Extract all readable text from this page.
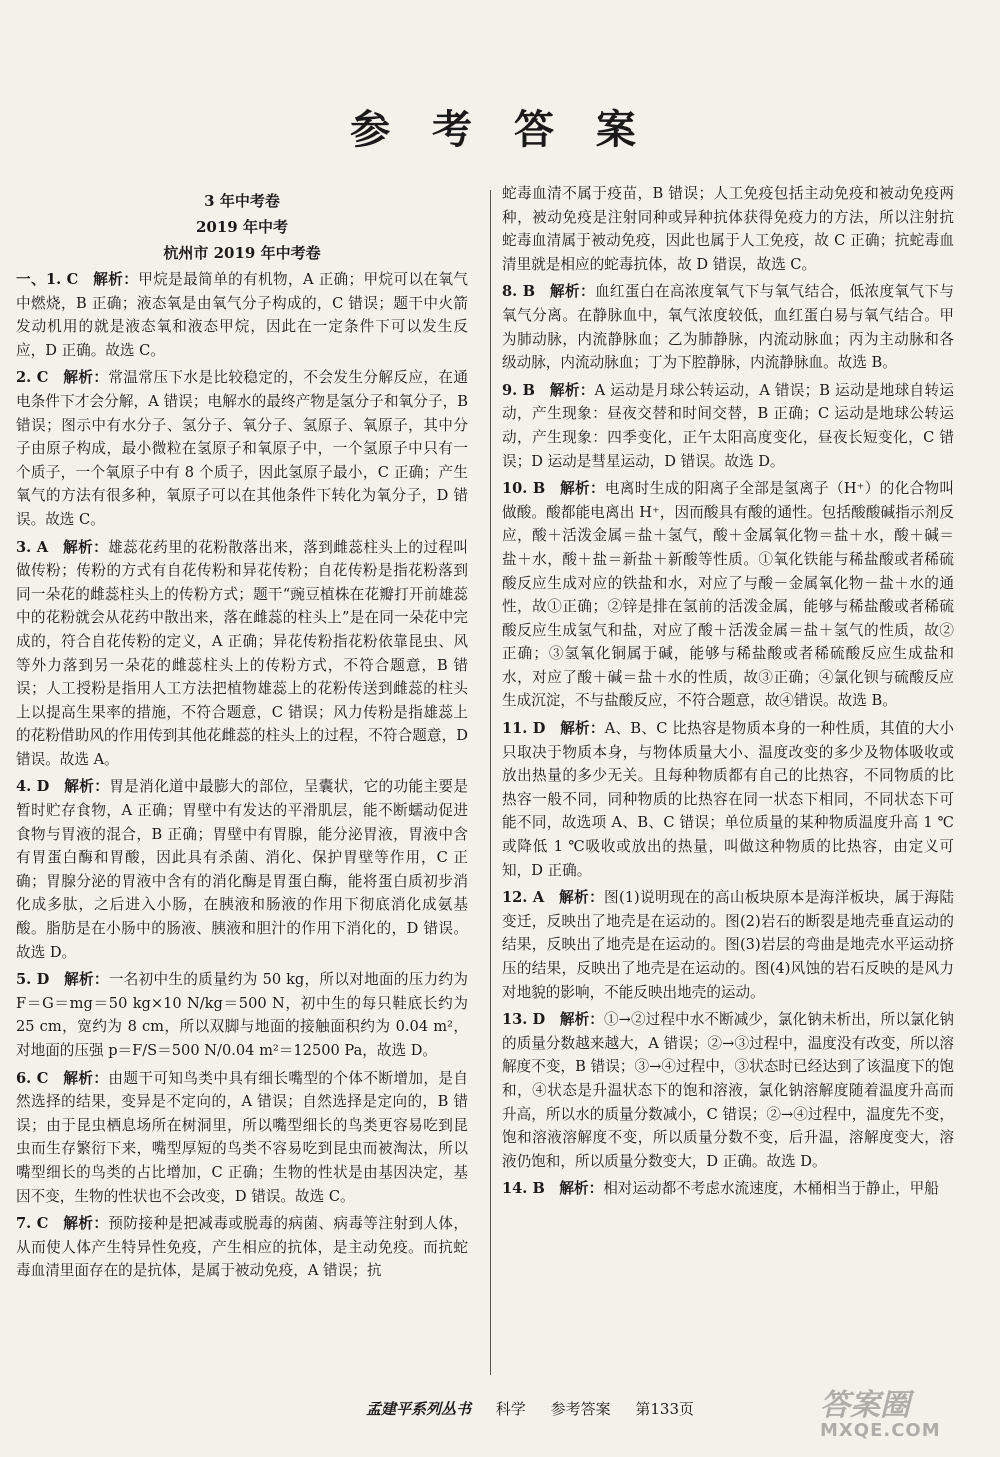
参 考 答 案
3 年中考卷
2019 年中考
杭州市 2019 年中考卷

一、1. C  解析：甲烷是最简单的有机物，A 正确；甲烷可以在氧气中燃烧，B 正确；液态氧是由氧气分子构成的，C 错误；题干中火箭发动机用的就是液态氧和液态甲烷，因此在一定条件下可以发生反应，D 正确。故选 C。

2. C  解析：常温常压下水是比较稳定的，不会发生分解反应，在通电条件下才会分解，A 错误；电解水的最终产物是氢分子和氧分子，B 错误；图示中有水分子、氢分子、氧分子、氢原子、氧原子，其中分子由原子构成，最小微粒在氢原子和氧原子中，一个氢原子中只有一个质子，一个氧原子中有 8 个质子，因此氢原子最小，C 正确；产生氧气的方法有很多种，氧原子可以在其他条件下转化为氧分子，D 错误。故选 C。

3. A  解析：雄蕊花药里的花粉散落出来，落到雌蕊柱头上的过程叫做传粉；传粉的方式有自花传粉和异花传粉；自花传粉是指花粉落到同一朵花的雌蕊柱头上的传粉方式；题干“豌豆植株在花瓣打开前雄蕊中的花粉就会从花药中散出来，落在雌蕊的柱头上”是在同一朵花中完成的，符合自花传粉的定义，A 正确；异花传粉指花粉依靠昆虫、风等外力落到另一朵花的雌蕊柱头上的传粉方式，不符合题意，B 错误；人工授粉是指用人工方法把植物雄蕊上的花粉传送到雌蕊的柱头上以提高生果率的措施，不符合题意，C 错误；风力传粉是指雄蕊上的花粉借助风的作用传到其他花雌蕊的柱头上的过程，不符合题意，D 错误。故选 A。

4. D  解析：胃是消化道中最膨大的部位，呈囊状，它的功能主要是暂时贮存食物，A 正确；胃壁中有发达的平滑肌层，能不断蠕动促进食物与胃液的混合，B 正确；胃壁中有胃腺，能分泌胃液，胃液中含有胃蛋白酶和胃酸，因此具有杀菌、消化、保护胃壁等作用，C 正确；胃腺分泌的胃液中含有的消化酶是胃蛋白酶，能将蛋白质初步消化成多肽，之后进入小肠，在胰液和肠液的作用下彻底消化成氨基酸。脂肪是在小肠中的肠液、胰液和胆汁的作用下消化的，D 错误。故选 D。

5. D  解析：一名初中生的质量约为 50 kg，所以对地面的压力约为 F＝G＝mg＝50 kg×10 N/kg＝500 N，初中生的每只鞋底长约为 25 cm，宽约为 8 cm，所以双脚与地面的接触面积约为 0.04 m²，对地面的压强 p＝F/S＝500 N/0.04 m²＝12500 Pa，故选 D。

6. C  解析：由题干可知鸟类中具有细长嘴型的个体不断增加，是自然选择的结果，变异是不定向的，A 错误；自然选择是定向的，B 错误；由于昆虫栖息场所在树洞里，所以嘴型细长的鸟类更容易吃到昆虫而生存繁衍下来，嘴型厚短的鸟类不容易吃到昆虫而被淘汰，所以嘴型细长的鸟类的占比增加，C 正确；生物的性状是由基因决定，基因不变，生物的性状也不会改变，D 错误。故选 C。

7. C  解析：预防接种是把减毒或脱毒的病菌、病毒等注射到人体，从而使人体产生特异性免疫，产生相应的抗体，是主动免疫。而抗蛇毒血清里面存在的是抗体，是属于被动免疫，A 错误；抗

蛇毒血清不属于疫苗，B 错误；人工免疫包括主动免疫和被动免疫两种，被动免疫是注射同种或异种抗体获得免疫力的方法，所以注射抗蛇毒血清属于被动免疫，因此也属于人工免疫，故 C 正确；抗蛇毒血清里就是相应的蛇毒抗体，故 D 错误，故选 C。

8. B  解析：血红蛋白在高浓度氧气下与氧气结合，低浓度氧气下与氧气分离。在静脉血中，氧气浓度较低，血红蛋白易与氧气结合。甲为肺动脉，内流静脉血；乙为肺静脉，内流动脉血；丙为主动脉和各级动脉，内流动脉血；丁为下腔静脉，内流静脉血。故选 B。

9. B  解析：A 运动是月球公转运动，A 错误；B 运动是地球自转运动，产生现象：昼夜交替和时间交替，B 正确；C 运动是地球公转运动，产生现象：四季变化，正午太阳高度变化，昼夜长短变化，C 错误；D 运动是彗星运动，D 错误。故选 D。

10. B  解析：电离时生成的阳离子全部是氢离子（H⁺）的化合物叫做酸。酸都能电离出 H⁺，因而酸具有酸的通性。包括酸酸碱指示剂反应，酸＋活泼金属＝盐＋氢气，酸＋金属氧化物＝盐＋水，酸＋碱＝盐＋水，酸＋盐＝新盐＋新酸等性质。①氧化铁能与稀盐酸或者稀硫酸反应生成对应的铁盐和水，对应了与酸－金属氧化物－盐＋水的通性，故①正确；②锌是排在氢前的活泼金属，能够与稀盐酸或者稀硫酸反应生成氢气和盐，对应了酸＋活泼金属＝盐＋氢气的性质，故②正确；③氢氧化铜属于碱，能够与稀盐酸或者稀硫酸反应生成盐和水，对应了酸＋碱＝盐＋水的性质，故③正确；④氯化钡与硫酸反应生成沉淀，不与盐酸反应，不符合题意，故④错误。故选 B。

11. D  解析：A、B、C 比热容是物质本身的一种性质，其值的大小只取决于物质本身，与物体质量大小、温度改变的多少及物体吸收或放出热量的多少无关。且每种物质都有自己的比热容，不同物质的比热容一般不同，同种物质的比热容在同一状态下相同，不同状态下可能不同，故选项 A、B、C 错误；单位质量的某种物质温度升高 1 ℃或降低 1 ℃吸收或放出的热量，叫做这种物质的比热容，由定义可知，D 正确。

12. A  解析：图(1)说明现在的高山板块原本是海洋板块，属于海陆变迁，反映出了地壳是在运动的。图(2)岩石的断裂是地壳垂直运动的结果，反映出了地壳是在运动的。图(3)岩层的弯曲是地壳水平运动挤压的结果，反映出了地壳是在运动的。图(4)风蚀的岩石反映的是风力对地貌的影响，不能反映出地壳的运动。

13. D  解析：①→②过程中水不断减少，氯化钠未析出，所以氯化钠的质量分数越来越大，A 错误；②→③过程中，温度没有改变，所以溶解度不变，B 错误；③→④过程中，③状态时已经达到了该温度下的饱和，④状态是升温状态下的饱和溶液，氯化钠溶解度随着温度升高而升高，所以水的质量分数减小，C 错误；②→④过程中，温度先不变，饱和溶液溶解度不变，所以质量分数不变，后升温，溶解度变大，溶液仍饱和，所以质量分数变大，D 正确。故选 D。

14. B  解析：相对运动都不考虑水流速度，木桶相当于静止，甲船

孟建平系列丛书 科学 参考答案 第133页	答案圈
MXQE.COM
